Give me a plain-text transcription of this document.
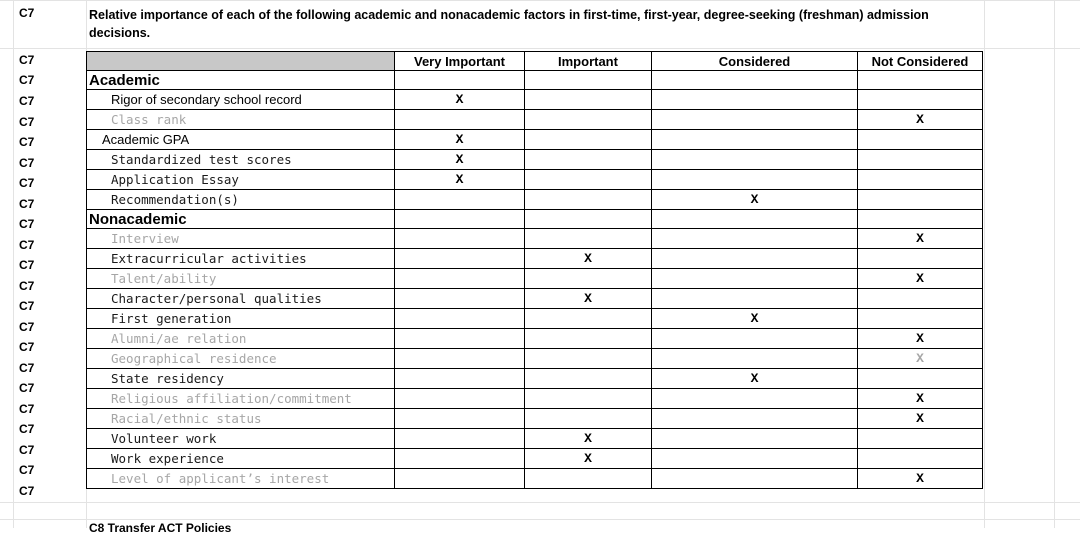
C7
C7
C7
C7
C7
C7
C7
C7
C7
C7
C7
C7
C7
C7
C7
C7
C7
C7
C7
C7
C7
C7
C7
Relative importance of each of the following academic and nonacademic factors in first-time, first-year, degree-seeking (freshman) admission decisions.
	Very Important	Important	Considered	Not Considered
Academic				
Rigor of secondary school record	X			
Class rank				X
Academic GPA	X			
Standardized test scores	X			
Application Essay	X			
Recommendation(s)			X	
Nonacademic				
Interview				X
Extracurricular activities		X		
Talent/ability				X
Character/personal qualities		X		
First generation			X	
Alumni/ae relation				X
Geographical residence				X
State residency			X	
Religious affiliation/commitment				X
Racial/ethnic status				X
Volunteer work		X		
Work experience		X		
Level of applicant’s interest				X
C8 Transfer ACT Policies
